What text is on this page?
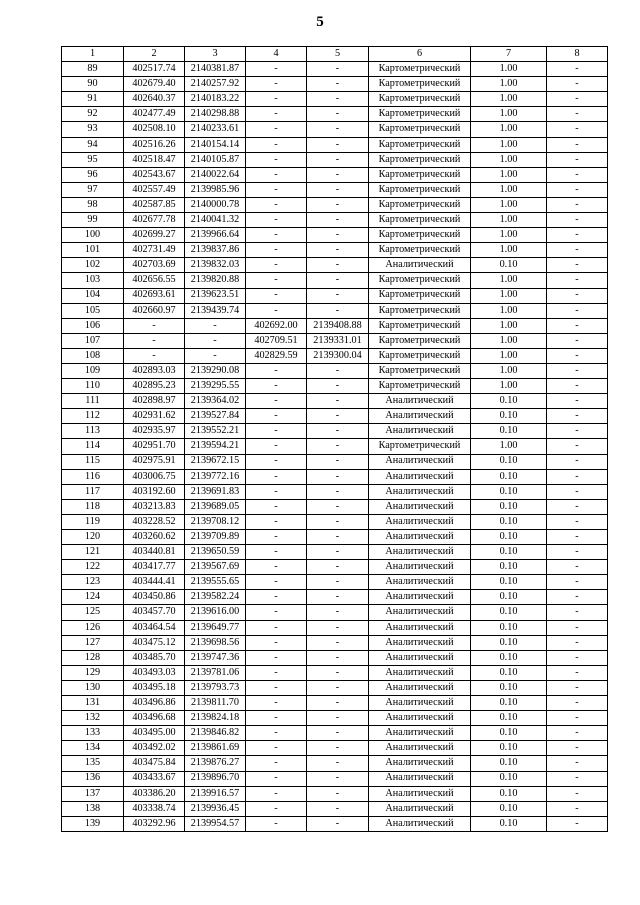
5
1	2	3	4	5	6	7	8
89	402517.74	2140381.87	-	-	Картометрический	1.00	-
90	402679.40	2140257.92	-	-	Картометрический	1.00	-
91	402640.37	2140183.22	-	-	Картометрический	1.00	-
92	402477.49	2140298.88	-	-	Картометрический	1.00	-
93	402508.10	2140233.61	-	-	Картометрический	1.00	-
94	402516.26	2140154.14	-	-	Картометрический	1.00	-
95	402518.47	2140105.87	-	-	Картометрический	1.00	-
96	402543.67	2140022.64	-	-	Картометрический	1.00	-
97	402557.49	2139985.96	-	-	Картометрический	1.00	-
98	402587.85	2140000.78	-	-	Картометрический	1.00	-
99	402677.78	2140041.32	-	-	Картометрический	1.00	-
100	402699.27	2139966.64	-	-	Картометрический	1.00	-
101	402731.49	2139837.86	-	-	Картометрический	1.00	-
102	402703.69	2139832.03	-	-	Аналитический	0.10	-
103	402656.55	2139820.88	-	-	Картометрический	1.00	-
104	402693.61	2139623.51	-	-	Картометрический	1.00	-
105	402660.97	2139439.74	-	-	Картометрический	1.00	-
106	-	-	402692.00	2139408.88	Картометрический	1.00	-
107	-	-	402709.51	2139331.01	Картометрический	1.00	-
108	-	-	402829.59	2139300.04	Картометрический	1.00	-
109	402893.03	2139290.08	-	-	Картометрический	1.00	-
110	402895.23	2139295.55	-	-	Картометрический	1.00	-
111	402898.97	2139364.02	-	-	Аналитический	0.10	-
112	402931.62	2139527.84	-	-	Аналитический	0.10	-
113	402935.97	2139552.21	-	-	Аналитический	0.10	-
114	402951.70	2139594.21	-	-	Картометрический	1.00	-
115	402975.91	2139672.15	-	-	Аналитический	0.10	-
116	403006.75	2139772.16	-	-	Аналитический	0.10	-
117	403192.60	2139691.83	-	-	Аналитический	0.10	-
118	403213.83	2139689.05	-	-	Аналитический	0.10	-
119	403228.52	2139708.12	-	-	Аналитический	0.10	-
120	403260.62	2139709.89	-	-	Аналитический	0.10	-
121	403440.81	2139650.59	-	-	Аналитический	0.10	-
122	403417.77	2139567.69	-	-	Аналитический	0.10	-
123	403444.41	2139555.65	-	-	Аналитический	0.10	-
124	403450.86	2139582.24	-	-	Аналитический	0.10	-
125	403457.70	2139616.00	-	-	Аналитический	0.10	-
126	403464.54	2139649.77	-	-	Аналитический	0.10	-
127	403475.12	2139698.56	-	-	Аналитический	0.10	-
128	403485.70	2139747.36	-	-	Аналитический	0.10	-
129	403493.03	2139781.06	-	-	Аналитический	0.10	-
130	403495.18	2139793.73	-	-	Аналитический	0.10	-
131	403496.86	2139811.70	-	-	Аналитический	0.10	-
132	403496.68	2139824.18	-	-	Аналитический	0.10	-
133	403495.00	2139846.82	-	-	Аналитический	0.10	-
134	403492.02	2139861.69	-	-	Аналитический	0.10	-
135	403475.84	2139876.27	-	-	Аналитический	0.10	-
136	403433.67	2139896.70	-	-	Аналитический	0.10	-
137	403386.20	2139916.57	-	-	Аналитический	0.10	-
138	403338.74	2139936.45	-	-	Аналитический	0.10	-
139	403292.96	2139954.57	-	-	Аналитический	0.10	-
